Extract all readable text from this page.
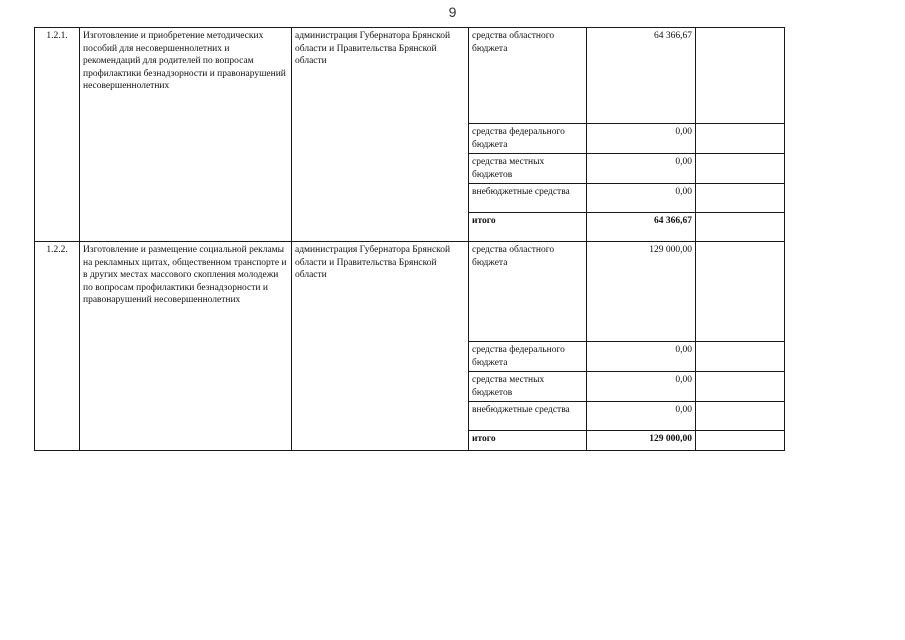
9
1.2.1.	Изготовление и приобретение методических пособий для несовершеннолетних и рекомендаций для родителей по вопросам профилактики безнадзорности и правонарушений несовершеннолетних	администрация Губернатора Брянской области и Правительства Брянской области	средства областного бюджета	64 366,67	
			средства федерального бюджета	0,00	
			средства местных бюджетов	0,00	
			внебюджетные средства	0,00	
			итого	64 366,67	
1.2.2.	Изготовление и размещение социальной рекламы на рекламных щитах, общественном транспорте и в других местах массового скопления молодежи по вопросам профилактики безнадзорности и правонарушений несовершеннолетних	администрация Губернатора Брянской области и Правительства Брянской области	средства областного бюджета	129 000,00	
			средства федерального бюджета	0,00	
			средства местных бюджетов	0,00	
			внебюджетные средства	0,00	
			итого	129 000,00	
